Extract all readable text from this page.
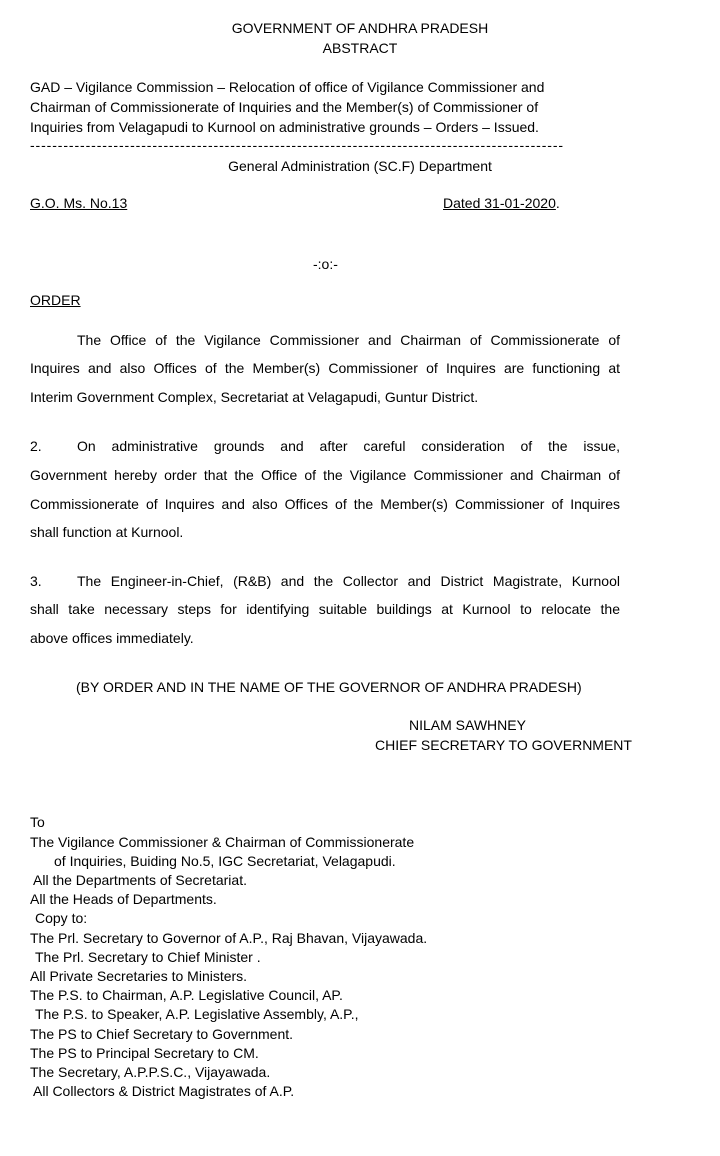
GOVERNMENT OF ANDHRA PRADESH
ABSTRACT
GAD – Vigilance Commission – Relocation of office of Vigilance Commissioner and
Chairman of Commissionerate of Inquiries and the Member(s) of Commissioner of
Inquiries from Velagapudi to Kurnool on administrative grounds – Orders – Issued.
------------------------------------------------------------------------------------------------
General Administration (SC.F) Department
G.O. Ms. No.13	Dated 31-01-2020.
-:o:-
ORDER
The Office of the Vigilance Commissioner and Chairman of Commissionerate of
Inquires and also Offices of the Member(s) Commissioner of Inquires are functioning at
Interim Government Complex, Secretariat at Velagapudi, Guntur District.
2.	On administrative grounds and after careful consideration of the issue,
Government hereby order that the Office of the Vigilance Commissioner and Chairman of
Commissionerate of Inquires and also Offices of the Member(s) Commissioner of Inquires
shall function at Kurnool.
3.	The Engineer-in-Chief, (R&B) and the Collector and District Magistrate, Kurnool
shall take necessary steps for identifying suitable buildings at Kurnool to relocate the
above offices immediately.
(BY ORDER AND IN THE NAME OF THE GOVERNOR OF ANDHRA PRADESH)
NILAM SAWHNEY
CHIEF SECRETARY TO GOVERNMENT
To
The Vigilance Commissioner & Chairman of Commissionerate
of Inquiries, Buiding No.5, IGC Secretariat, Velagapudi.
All the Departments of Secretariat.
All the Heads of Departments.
Copy to:
The Prl. Secretary to Governor of A.P., Raj Bhavan, Vijayawada.
The Prl. Secretary to Chief Minister .
All Private Secretaries to Ministers.
The P.S. to Chairman, A.P. Legislative Council, AP.
The P.S. to Speaker, A.P. Legislative Assembly, A.P.,
The PS to Chief Secretary to Government.
The PS to Principal Secretary to CM.
The Secretary, A.P.P.S.C., Vijayawada.
All Collectors & District Magistrates of A.P.
